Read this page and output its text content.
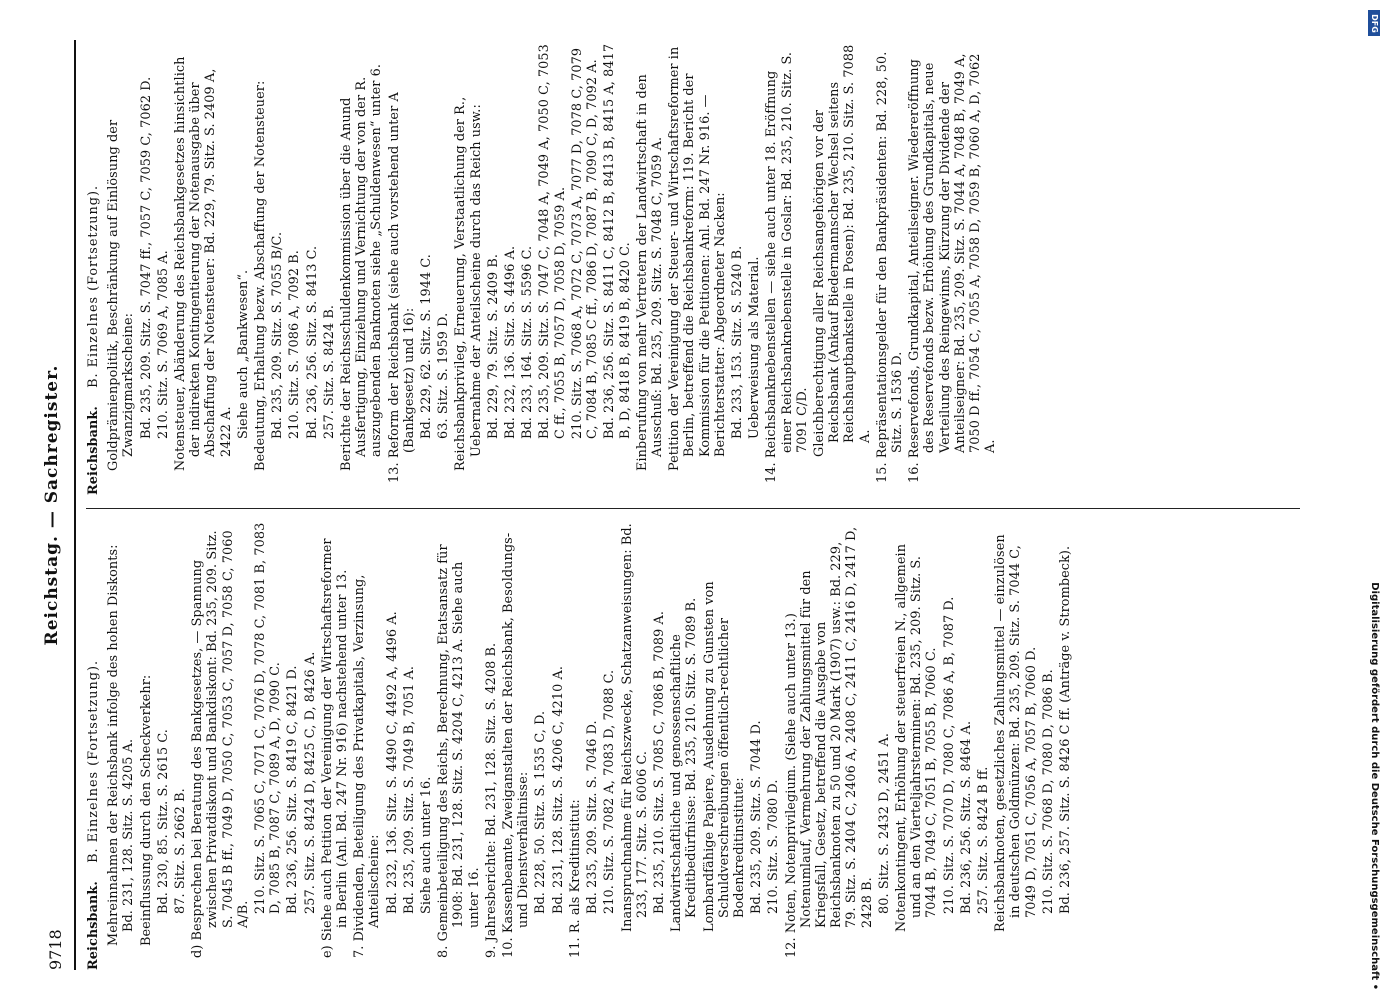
9718
Reichstag. — Sachregister.
Reichsbank. B. Einzelnes (Fortsetzung). Mehreinnahmen der Reichsbank infolge des hohen Diskonts: Bd. 231, 128. Sitz. S. 4205 A. Beeinflussung durch den Scheckverkehr: Bd. 230, 85. Sitz. S. 2615 C. 87. Sitz. S. 2662 B. d) Besprechen bei Beratung des Bankgesetzes, — Spannung zwischen Privatdiskont und Bankdiskont: Bd. 235, 209. Sitz. S. 7045 B ff., 7049 D, 7050 C, 7053 C, 7057 D, 7058 C, 7060 A/B.

210. Sitz. S. 7065 C, 7071 C, 7076 D, 7078 C, 7081 B, 7083 D, 7085 B, 7087 C, 7089 A, D, 7090 C. Bd. 236, 256. Sitz. S. 8419 C, 8421 D. 257. Sitz. S. 8424 D, 8425 C, D, 8426 A. e) Siehe auch Petition der Vereinigung der Wirtschaftsreformer in Berlin (Anl. Bd. 247 Nr. 916) nachstehend unter 13. 7. Dividenden, Beteiligung des Privatkapitals, Verzinsung, Anteilscheine: Bd. 232, 136. Sitz. S. 4490 C, 4492 A, 4496 A. Bd. 235, 209. Sitz. S. 7049 B, 7051 A. Siehe auch unter 16. 8. Gemeinbeteiligung des Reichs, Berechnung, Etatsansatz für 1908: Bd. 231, 128. Sitz. S. 4204 C, 4213 A. Siehe auch unter 16. 9. Jahresberichte: Bd. 231, 128. Sitz. S. 4208 B. 10. Kassenbeamte, Zweiganstalten der Reichsbank, Besoldungs- und Dienstverhältnisse: Bd. 228, 50. Sitz. S. 1535 C, D. Bd. 231, 128. Sitz. S. 4206 C, 4210 A. 11. R. als Kreditinstitut: Bd. 235, 209. Sitz. S. 7046 D. 210. Sitz. S. 7082 A, 7083 D, 7088 C. Inanspruchnahme für Reichszwecke, Schatzanweisungen: Bd. 233, 177. Sitz. S. 6006 C. Bd. 235, 210. Sitz. S. 7085 C, 7086 B, 7089 A. Landwirtschaftliche und genossenschaftliche Kreditbedürfnisse: Bd. 235, 210. Sitz. S. 7089 B. Lombardfähige Papiere, Ausdehnung zu Gunsten von Schuldverschreibungen öffentlich-rechtlicher Bodenkreditinstitute: Bd. 235, 209. Sitz. S. 7044 D. 210. Sitz. S. 7080 D. 12. Noten, Notenprivilegium. (Siehe auch unter 13.) Notenumlauf, Vermehrung der Zahlungsmittel für den Kriegsfall, Gesetz, betreffend die Ausgabe von Reichsbanknoten zu 50 und 20 Mark (1907) usw.: Bd. 229, 79. Sitz. S. 2404 C, 2406 A, 2408 C, 2411 C, 2416 D, 2417 D, 2428 B. 80. Sitz. S. 2432 D, 2451 A. Notenkontingent, Erhöhung der steuerfreien N., allgemein und an den Vierteljahrsterminen: Bd. 235, 209. Sitz. S. 7044 B, 7049 C, 7051 B, 7055 B, 7060 C. 210. Sitz. S. 7070 D, 7080 C, 7086 A, B, 7087 D. Bd. 236, 256. Sitz. S. 8464 A. 257. Sitz. S. 8424 B ff. Reichsbanknoten, gesetzliches Zahlungsmittel — einzulösen in deutschen Goldmünzen: Bd. 235, 209. Sitz. S. 7044 C, 7049 D, 7051 C, 7056 A, 7057 B, 7060 D. 210. Sitz. S. 7068 D, 7080 D, 7086 B. Bd. 236, 257. Sitz. S. 8426 C ff. (Anträge v. Strombeck).

Reichsbank. B. Einzelnes (Fortsetzung). Goldprämienpolitik, Beschränkung auf Einlösung der Zwanzigmarkscheine: Bd. 235, 209. Sitz. S. 7047 ff., 7057 C, 7059 C, 7062 D. 210. Sitz. S. 7069 A, 7085 A. Notensteuer, Abänderung des Reichsbankgesetzes hinsichtlich der indirekten Kontingentierung der Notenausgabe über Abschaffung der Notensteuer: Bd. 229, 79. Sitz. S. 2409 A, 2422 A. Siehe auch „Bankwesen“. Bedeutung, Erhaltung bezw. Abschaffung der Notensteuer: Bd. 235, 209. Sitz. S. 7055 B/C. 210. Sitz. S. 7086 A, 7092 B. Bd. 236, 256. Sitz. S. 8413 C. 257. Sitz. S. 8424 B. Berichte der Reichsschuldenkommission über die Anund Ausfertigung, Einziehung und Vernichtung der von der R. auszugebenden Banknoten siehe „Schuldenwesen“ unter 6. 13. Reform der Reichsbank (siehe auch vorstehend unter A (Bankgesetz) und 16): Bd. 229, 62. Sitz. S. 1944 C. 63. Sitz. S. 1959 D. Reichsbankprivileg, Erneuerung, Verstaatlichung der R., Uebernahme der Anteilscheine durch das Reich usw.: Bd. 229, 79. Sitz. S. 2409 B. Bd. 232, 136. Sitz. S. 4496 A. Bd. 233, 164. Sitz. S. 5596 C. Bd. 235, 209. Sitz. S. 7047 C, 7048 A, 7049 A, 7050 C, 7053 C ff., 7055 B, 7057 D, 7058 D, 7059 A. 210. Sitz. S. 7068 A, 7072 C, 7073 A, 7077 D, 7078 C, 7079 C, 7084 B, 7085 C ff., 7086 D, 7087 B, 7090 C, D, 7092 A. Bd. 236, 256. Sitz. S. 8411 C, 8412 B, 8413 B, 8415 A, 8417 B, D, 8418 B, 8419 B, 8420 C. Einberufung von mehr Vertretern der Landwirtschaft in den Ausschuß: Bd. 235, 209. Sitz. S. 7048 C, 7059 A. Petition der Vereinigung der Steuer- und Wirtschaftsreformer in Berlin, betreffend die Reichsbankreform: 119. Bericht der Kommission für die Petitionen: Anl. Bd. 247 Nr. 916. — Berichterstatter: Abgeordneter Nacken: Bd. 233, 153. Sitz. S. 5240 B. Ueberweisung als Material. 14. Reichsbanknebenstellen — siehe auch unter 18. Eröffnung einer Reichsbanknebenstelle in Goslar: Bd. 235, 210. Sitz. S. 7091 C/D. Gleichberechtigung aller Reichsangehörigen vor der Reichsbank (Ankauf Biedermannscher Wechsel seitens Reichshauptbankstelle in Posen): Bd. 235, 210. Sitz. S. 7088 A. 15. Repräsentationsgelder für den Bankpräsidenten: Bd. 228, 50. Sitz. S. 1536 D. 16. Reservefonds, Grundkapital, Anteilseigner. Wiedereröffnung des Reservefonds bezw. Erhöhung des Grundkapitals, neue Verteilung des Reingewinns, Kürzung der Dividende der Anteilseigner: Bd. 235, 209. Sitz. S. 7044 A, 7048 B, 7049 A, 7050 D ff., 7054 C, 7055 A, 7058 D, 7059 B, 7060 A, D, 7062 A.

Digitalisierung gefördert durch die Deutsche Forschungsgemeinschaft •
DFG
